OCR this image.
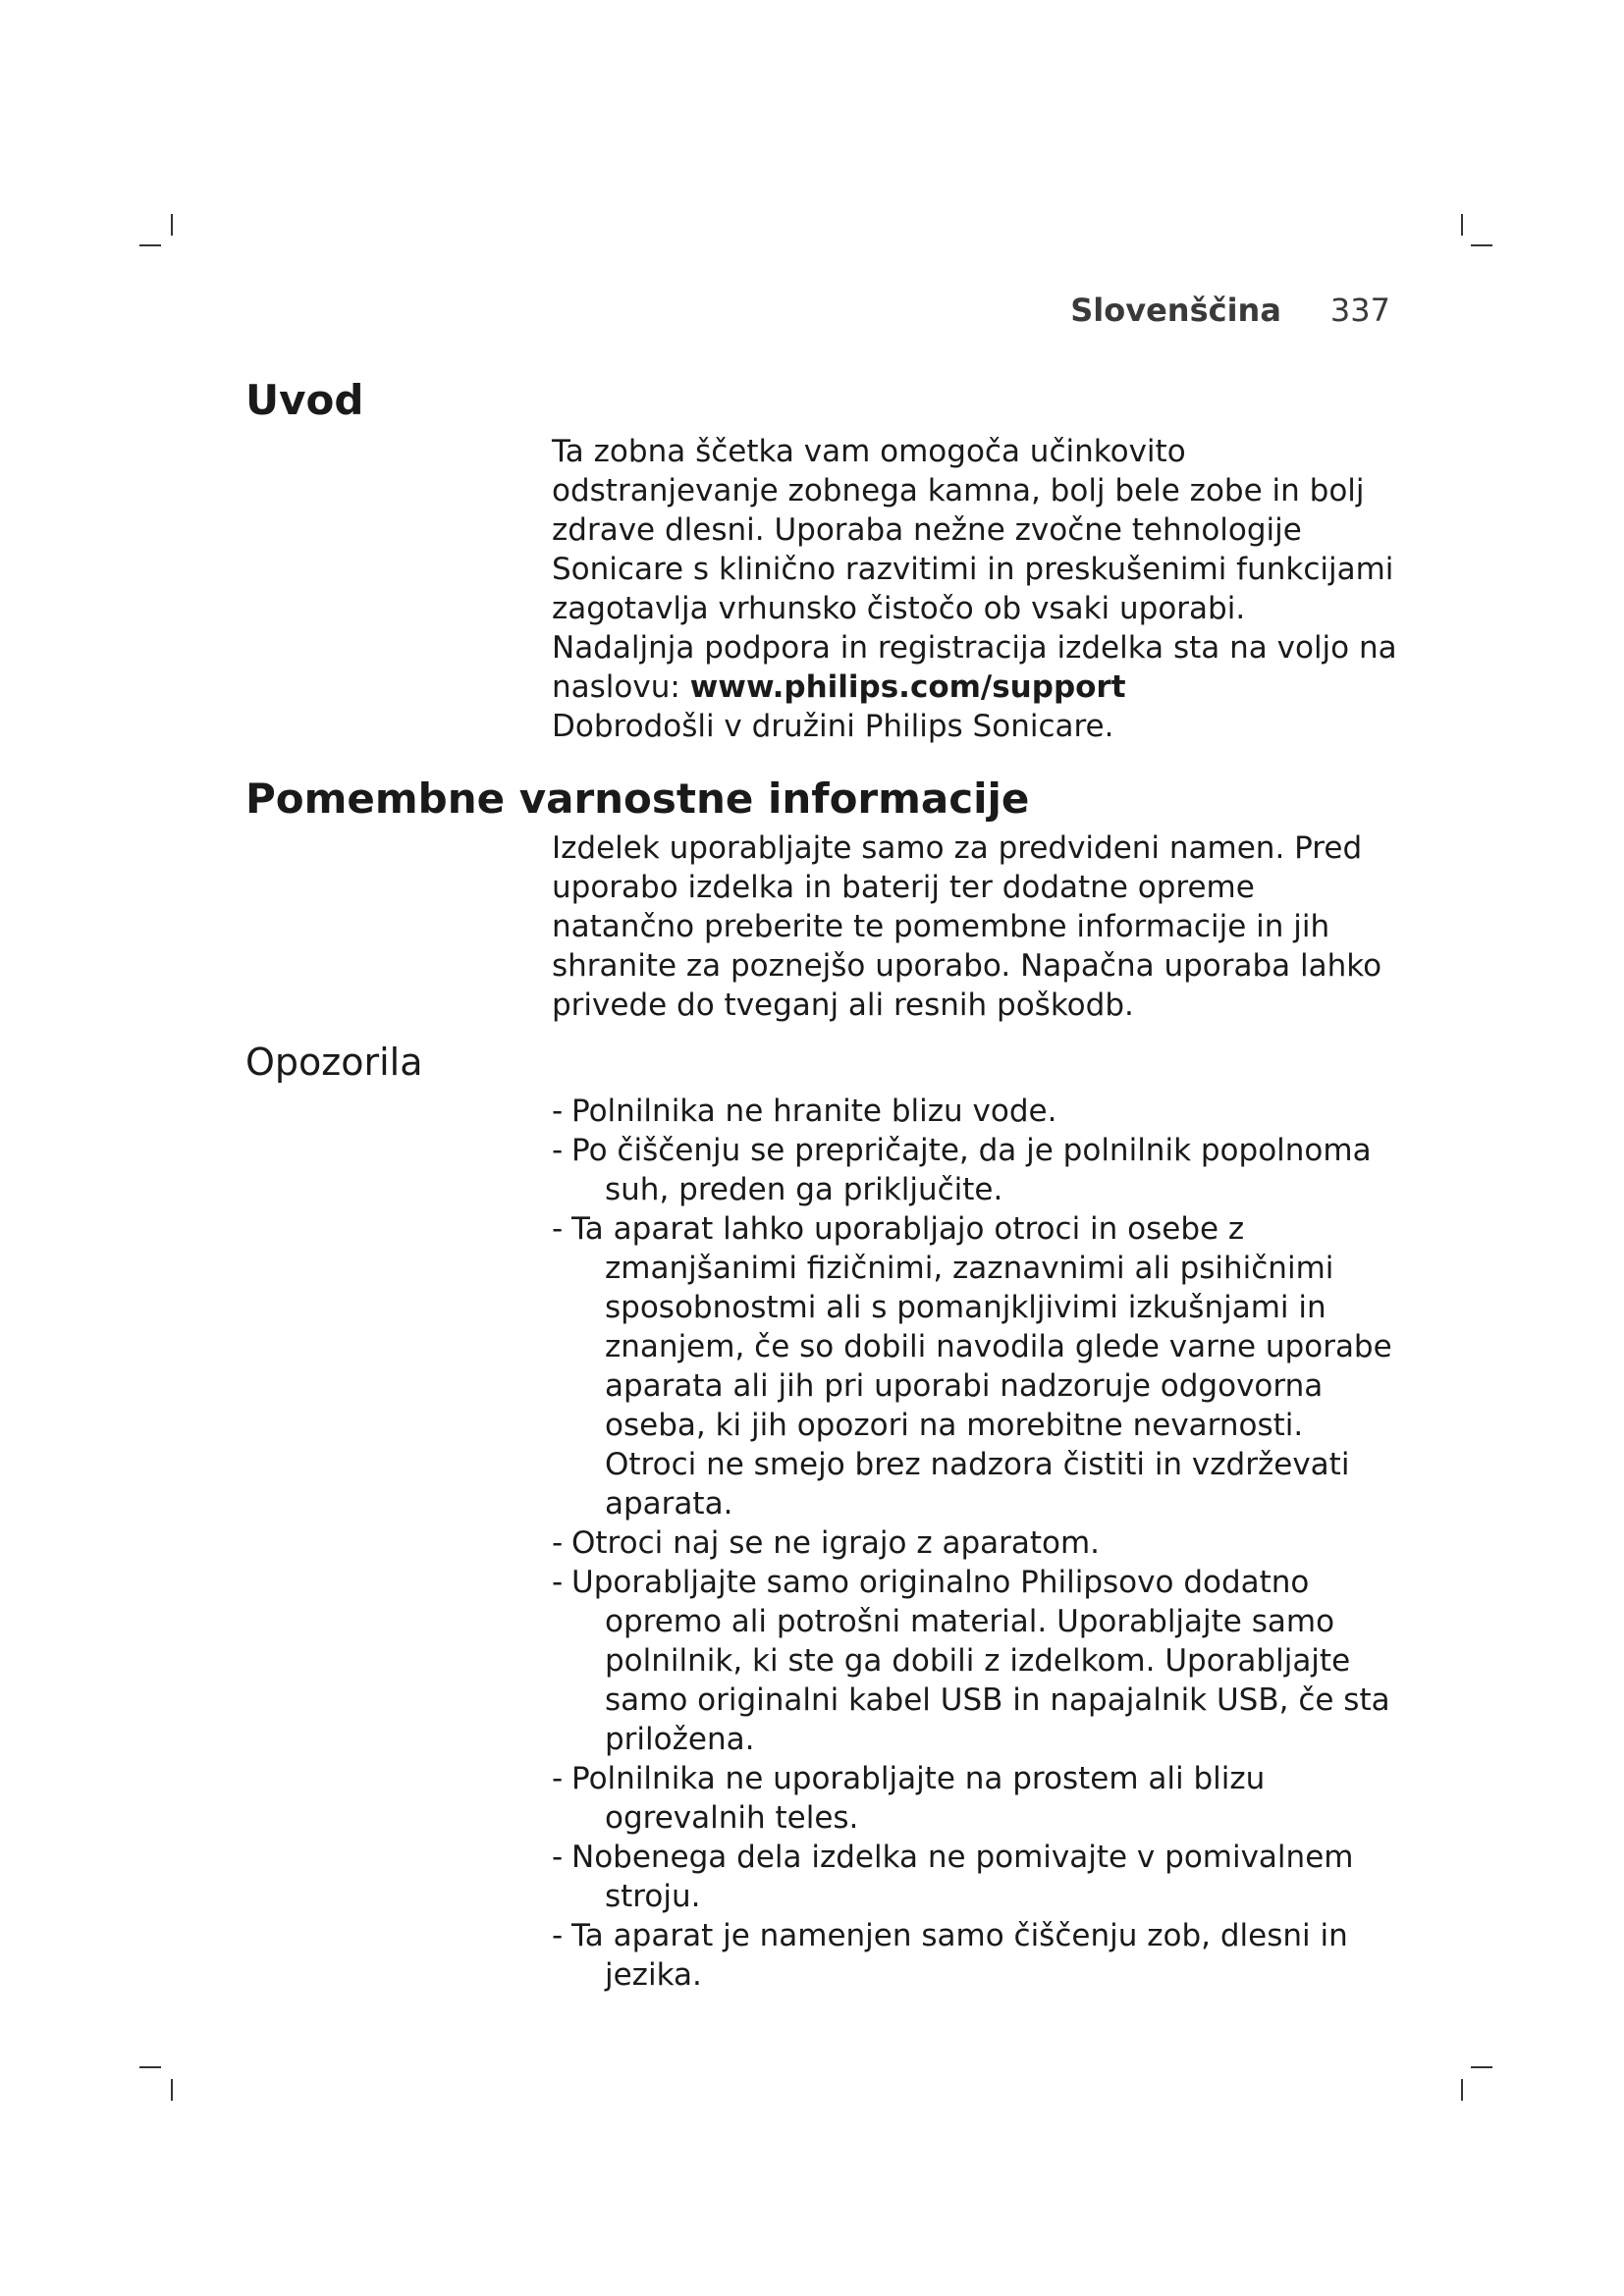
Slovenščina 337
Uvod

Ta zobna ščetka vam omogoča učinkovito odstranjevanje zobnega kamna, bolj bele zobe in bolj zdrave dlesni. Uporaba nežne zvočne tehnologije Sonicare s klinično razvitimi in preskušenimi funkcijami zagotavlja vrhunsko čistočo ob vsaki uporabi.

Nadaljnja podpora in registracija izdelka sta na voljo na naslovu: www.philips.com/support

Dobrodošli v družini Philips Sonicare.

Pomembne varnostne informacije

Izdelek uporabljajte samo za predvideni namen. Pred uporabo izdelka in baterij ter dodatne opreme natančno preberite te pomembne informacije in jih shranite za poznejšo uporabo. Napačna uporaba lahko privede do tveganj ali resnih poškodb.

Opozorila
- Polnilnika ne hranite blizu vode.
- Po čiščenju se prepričajte, da je polnilnik popolnoma suh, preden ga priključite.
- Ta aparat lahko uporabljajo otroci in osebe z zmanjšanimi fizičnimi, zaznavnimi ali psihičnimi sposobnostmi ali s pomanjkljivimi izkušnjami in znanjem, če so dobili navodila glede varne uporabe aparata ali jih pri uporabi nadzoruje odgovorna oseba, ki jih opozori na morebitne nevarnosti. Otroci ne smejo brez nadzora čistiti in vzdrževati aparata.
- Otroci naj se ne igrajo z aparatom.
- Uporabljajte samo originalno Philipsovo dodatno opremo ali potrošni material. Uporabljajte samo polnilnik, ki ste ga dobili z izdelkom. Uporabljajte samo originalni kabel USB in napajalnik USB, če sta priložena.
- Polnilnika ne uporabljajte na prostem ali blizu ogrevalnih teles.
- Nobenega dela izdelka ne pomivajte v pomivalnem stroju.
- Ta aparat je namenjen samo čiščenju zob, dlesni in jezika.
